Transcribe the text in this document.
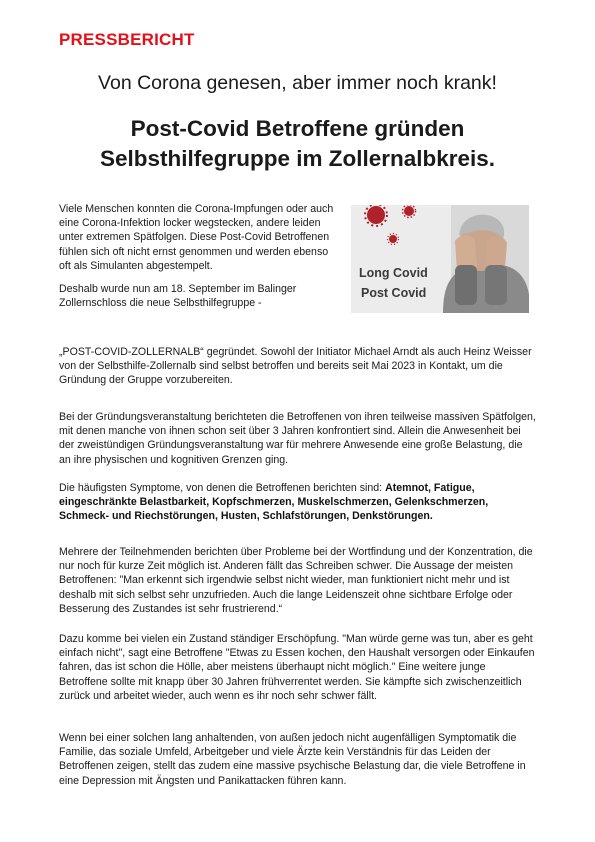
PRESSBERICHT
Von Corona genesen, aber immer noch krank!
Post-Covid Betroffene gründen
Selbsthilfegruppe im Zollernalbkreis.

Viele Menschen konnten die Corona-Impfungen oder auch eine Corona-Infektion locker wegstecken, andere leiden unter extremen Spätfolgen. Diese Post-Covid Betroffenen fühlen sich oft nicht ernst genommen und werden ebenso oft als Simulanten abgestempelt.

Deshalb wurde nun am 18. September im Balinger Zollernschloss die neue Selbsthilfegruppe -

Long Covid
Post Covid

„POST-COVID-ZOLLERNALB“ gegründet. Sowohl der Initiator Michael Arndt als auch Heinz Weisser von der Selbsthilfe-Zollernalb sind selbst betroffen und bereits seit Mai 2023 in Kontakt, um die Gründung der Gruppe vorzubereiten.

Bei der Gründungsveranstaltung berichteten die Betroffenen von ihren teilweise massiven Spätfolgen, mit denen manche von ihnen schon seit über 3 Jahren konfrontiert sind. Allein die Anwesenheit bei der zweistündigen Gründungsveranstaltung war für mehrere Anwesende eine große Belastung, die an ihre physischen und kognitiven Grenzen ging.

Die häufigsten Symptome, von denen die Betroffenen berichten sind: Atemnot, Fatigue, eingeschränkte Belastbarkeit, Kopfschmerzen, Muskelschmerzen, Gelenkschmerzen, Schmeck- und Riechstörungen, Husten, Schlafstörungen, Denkstörungen.

Mehrere der Teilnehmenden berichten über Probleme bei der Wortfindung und der Konzentration, die nur noch für kurze Zeit möglich ist. Anderen fällt das Schreiben schwer. Die Aussage der meisten Betroffenen: "Man erkennt sich irgendwie selbst nicht wieder, man funktioniert nicht mehr und ist deshalb mit sich selbst sehr unzufrieden. Auch die lange Leidenszeit ohne sichtbare Erfolge oder Besserung des Zustandes ist sehr frustrierend.“

Dazu komme bei vielen ein Zustand ständiger Erschöpfung. "Man würde gerne was tun, aber es geht einfach nicht", sagt eine Betroffene "Etwas zu Essen kochen, den Haushalt versorgen oder Einkaufen fahren, das ist schon die Hölle, aber meistens überhaupt nicht möglich." Eine weitere junge Betroffene sollte mit knapp über 30 Jahren frühverrentet werden. Sie kämpfte sich zwischenzeitlich zurück und arbeitet wieder, auch wenn es ihr noch sehr schwer fällt.

Wenn bei einer solchen lang anhaltenden, von außen jedoch nicht augenfälligen Symptomatik die Familie, das soziale Umfeld, Arbeitgeber und viele Ärzte kein Verständnis für das Leiden der Betroffenen zeigen, stellt das zudem eine massive psychische Belastung dar, die viele Betroffene in eine Depression mit Ängsten und Panikattacken führen kann.
